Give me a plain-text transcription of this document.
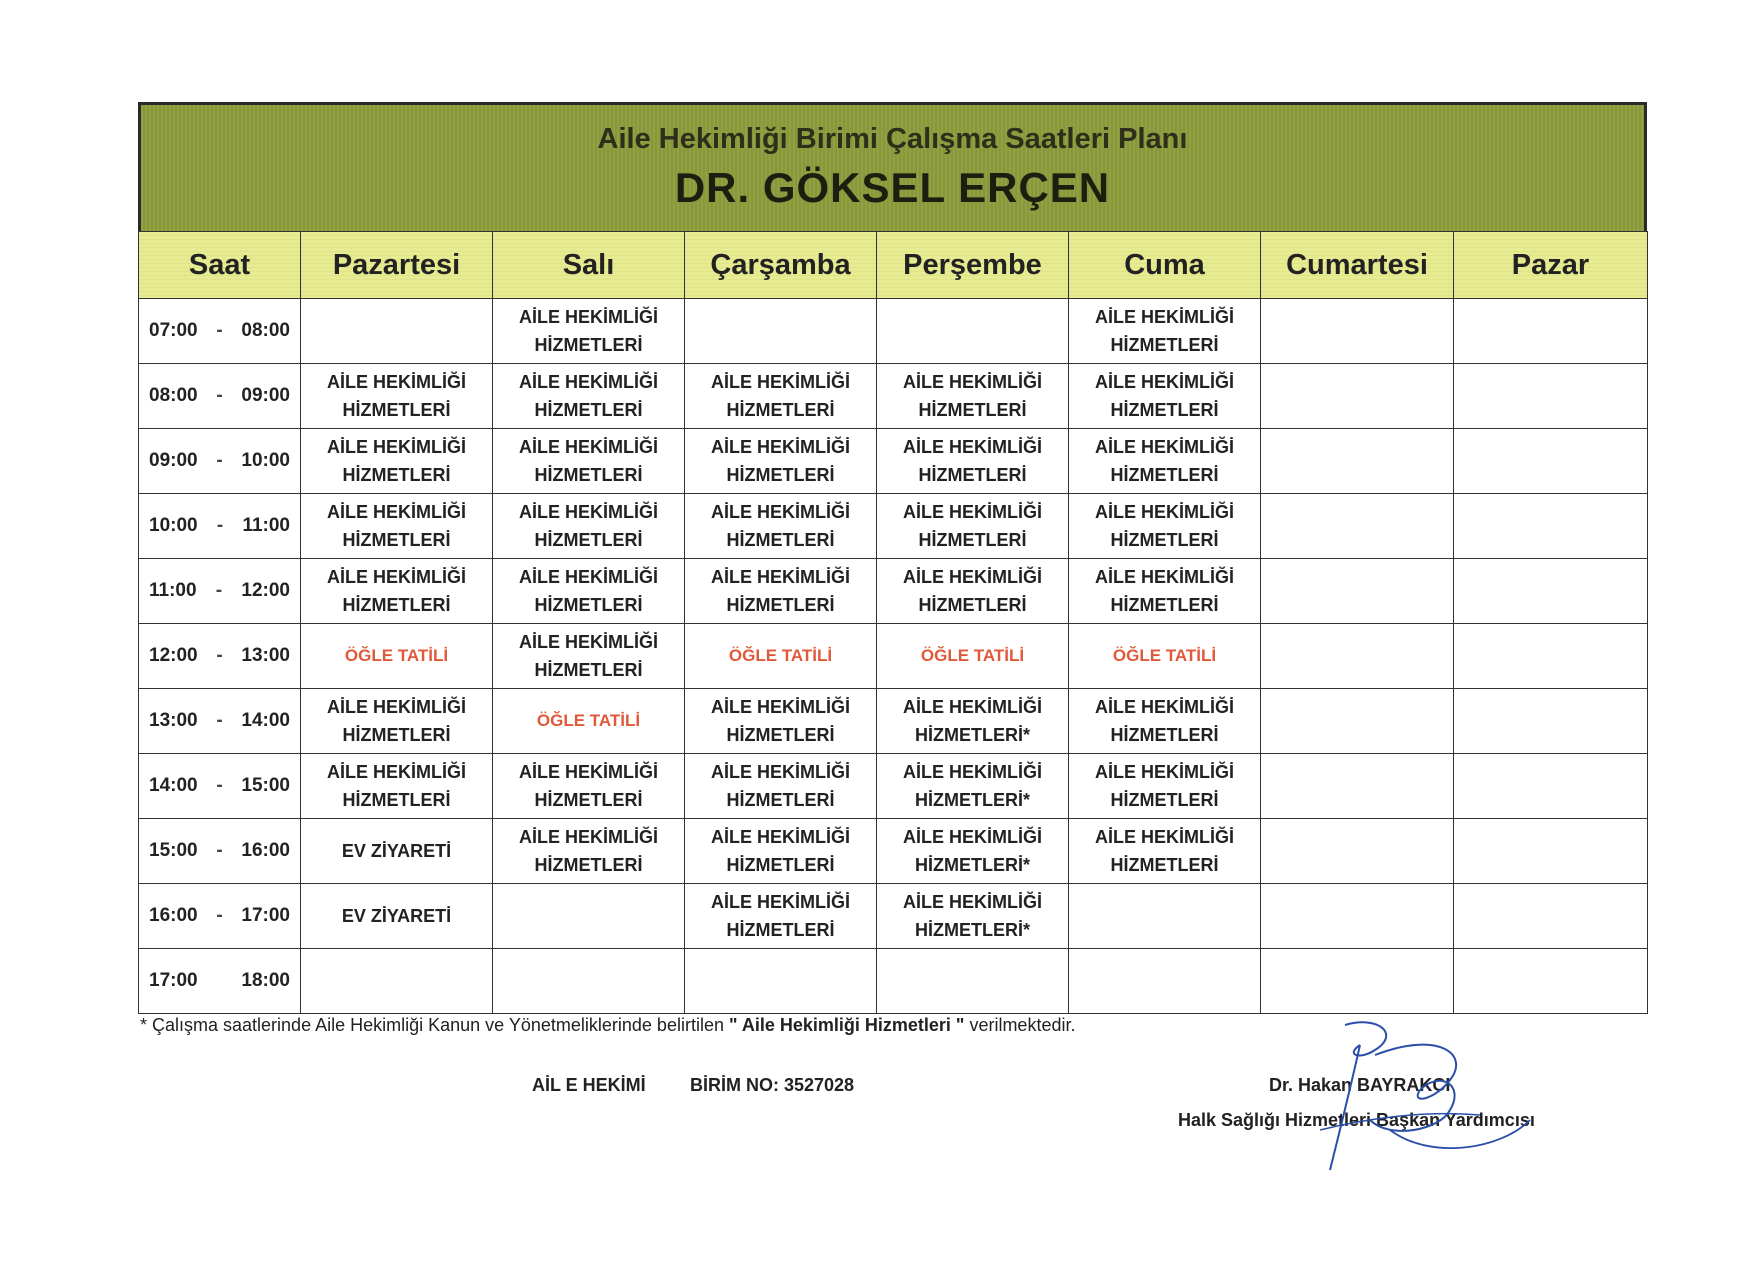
Aile Hekimliği Birimi Çalışma Saatleri Planı
DR. GÖKSEL ERÇEN
Saat	Pazartesi	Salı	Çarşamba	Perşembe	Cuma	Cumartesi	Pazar

07:00 - 08:00		AİLE HEKİMLİĞİ
HİZMETLERİ			AİLE HEKİMLİĞİ
HİZMETLERİ		

08:00 - 09:00	AİLE HEKİMLİĞİ
HİZMETLERİ	AİLE HEKİMLİĞİ
HİZMETLERİ	AİLE HEKİMLİĞİ
HİZMETLERİ	AİLE HEKİMLİĞİ
HİZMETLERİ	AİLE HEKİMLİĞİ
HİZMETLERİ		

09:00 - 10:00	AİLE HEKİMLİĞİ
HİZMETLERİ	AİLE HEKİMLİĞİ
HİZMETLERİ	AİLE HEKİMLİĞİ
HİZMETLERİ	AİLE HEKİMLİĞİ
HİZMETLERİ	AİLE HEKİMLİĞİ
HİZMETLERİ		

10:00 - 11:00	AİLE HEKİMLİĞİ
HİZMETLERİ	AİLE HEKİMLİĞİ
HİZMETLERİ	AİLE HEKİMLİĞİ
HİZMETLERİ	AİLE HEKİMLİĞİ
HİZMETLERİ	AİLE HEKİMLİĞİ
HİZMETLERİ		

11:00 - 12:00	AİLE HEKİMLİĞİ
HİZMETLERİ	AİLE HEKİMLİĞİ
HİZMETLERİ	AİLE HEKİMLİĞİ
HİZMETLERİ	AİLE HEKİMLİĞİ
HİZMETLERİ	AİLE HEKİMLİĞİ
HİZMETLERİ		

12:00 - 13:00	ÖĞLE TATİLİ	AİLE HEKİMLİĞİ
HİZMETLERİ	ÖĞLE TATİLİ	ÖĞLE TATİLİ	ÖĞLE TATİLİ		

13:00 - 14:00	AİLE HEKİMLİĞİ
HİZMETLERİ	ÖĞLE TATİLİ	AİLE HEKİMLİĞİ
HİZMETLERİ	AİLE HEKİMLİĞİ
HİZMETLERİ*	AİLE HEKİMLİĞİ
HİZMETLERİ		

14:00 - 15:00	AİLE HEKİMLİĞİ
HİZMETLERİ	AİLE HEKİMLİĞİ
HİZMETLERİ	AİLE HEKİMLİĞİ
HİZMETLERİ	AİLE HEKİMLİĞİ
HİZMETLERİ*	AİLE HEKİMLİĞİ
HİZMETLERİ		

15:00 - 16:00	EV ZİYARETİ	AİLE HEKİMLİĞİ
HİZMETLERİ	AİLE HEKİMLİĞİ
HİZMETLERİ	AİLE HEKİMLİĞİ
HİZMETLERİ*	AİLE HEKİMLİĞİ
HİZMETLERİ		

16:00 - 17:00	EV ZİYARETİ		AİLE HEKİMLİĞİ
HİZMETLERİ	AİLE HEKİMLİĞİ
HİZMETLERİ*			

17:00 18:00							

* Çalışma saatlerinde Aile Hekimliği Kanun ve Yönetmeliklerinde belirtilen " Aile Hekimliği Hizmetleri " verilmektedir.
AİL E HEKİMİ BİRİM NO: 3527028	Dr. Hakan BAYRAKCI
Halk Sağlığı Hizmetleri Başkan Yardımcısı
